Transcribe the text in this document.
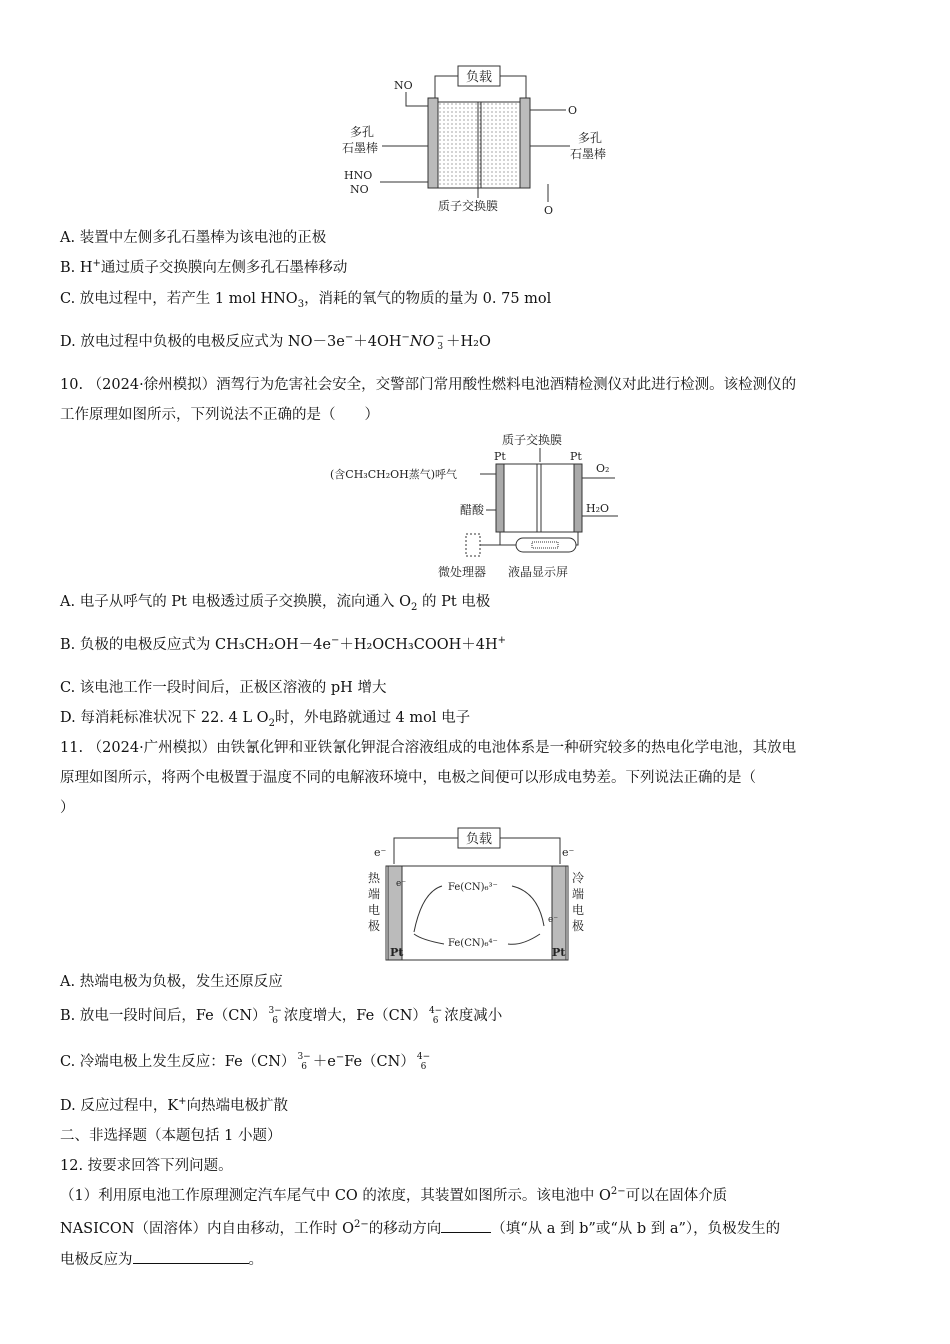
负载
NO
O
多孔
石墨棒
多孔
石墨棒
HNO
NO
质子交换膜	O
A. 装置中左侧多孔石墨棒为该电池的正极
B. H+通过质子交换膜向左侧多孔石墨棒移动
C. 放电过程中，若产生 1 mol $HNO_3$，消耗的氧气的物质的量为 0. 75 mol
D. 放电过程中负极的电极反应式为 NO－3e−＋4OH−NO −
3 ＋H₂O
10. （2024·徐州模拟）酒驾行为危害社会安全，交警部门常用酸性燃料电池酒精检测仪对此进行检测。该检测仪的
工作原理如图所示，下列说法不正确的是（　　）
质子交换膜
Pt	Pt
(含CH₃CH₂OH蒸气)呼气	O₂
醋酸	H₂O
微处理器 液晶显示屏
A. 电子从呼气的 Pt 电极透过质子交换膜，流向通入 $O_2$ 的 Pt 电极
B. 负极的电极反应式为 CH₃CH₂OH－4e−＋H₂OCH₃COOH＋4H+
C. 该电池工作一段时间后，正极区溶液的 pH 增大
D. 每消耗标准状况下 22. 4 L $O_2$时，外电路就通过 4 mol 电子
11. （2024·广州模拟）由铁氰化钾和亚铁氰化钾混合溶液组成的电池体系是一种研究较多的热电化学电池，其放电
原理如图所示，将两个电极置于温度不同的电解液环境中，电极之间便可以形成电势差。下列说法正确的是（
）
负载
e⁻	e⁻
热
端
电
极
冷
端
电
极
Fe(CN)₆³⁻
Fe(CN)₆⁴⁻
e⁻
e⁻
Pt	Pt
A. 热端电极为负极，发生还原反应
B. 放电一段时间后，Fe（CN） 3−
6 浓度增大，Fe（CN） 4−
6 浓度减小
C. 冷端电极上发生反应：Fe（CN） 3−
6 ＋e−Fe（CN） 4−
6
D. 反应过程中，K+向热端电极扩散
二、非选择题（本题包括 1 小题）
12. 按要求回答下列问题。
（1）利用原电池工作原理测定汽车尾气中 CO 的浓度，其装置如图所示。该电池中 $O^{2-}$可以在固体介质
NASICON（固溶体）内自由移动，工作时 $O^{2-}$的移动方向	（填“从 a 到 b”或“从 b 到 a”），负极发生的
电极反应为	。
